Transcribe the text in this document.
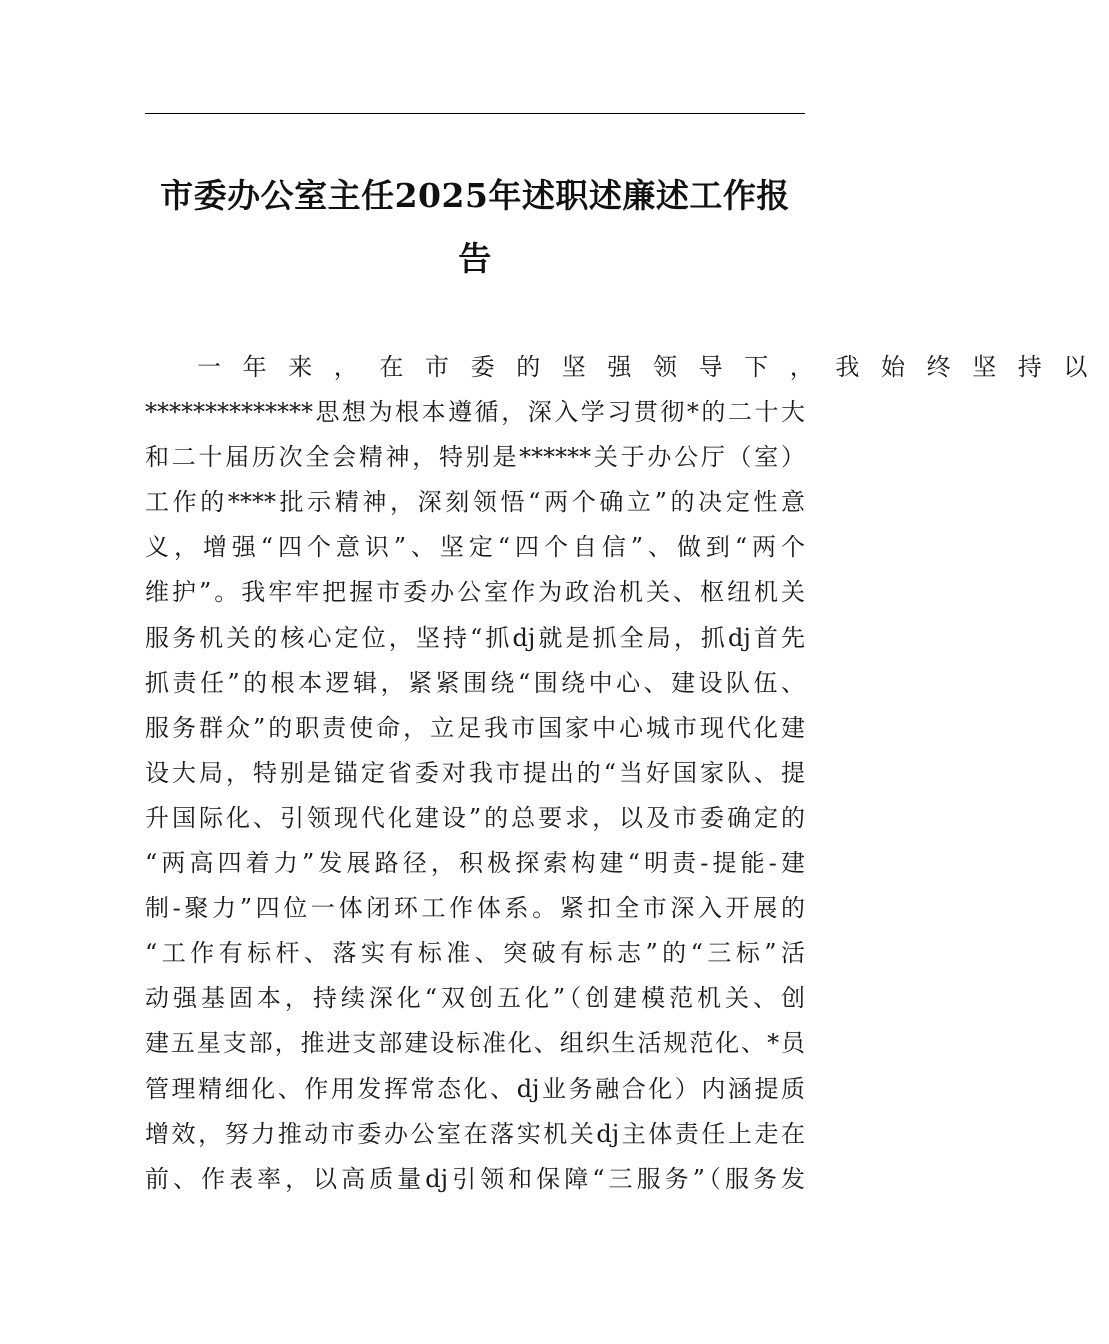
市委办公室主任2025年述职述廉述工作报
告
一年来，在市委的坚强领导下，我始终坚持以
**************思想为根本遵循，深入学习贯彻*的二十大
和二十届历次全会精神，特别是******关于办公厅（室）
工作的****批示精神，深刻领悟“两个确立”的决定性意
义，增强“四个意识”、坚定“四个自信”、做到“两个
维护”。我牢牢把握市委办公室作为政治机关、枢纽机关
服务机关的核心定位，坚持“抓dj就是抓全局，抓dj首先
抓责任”的根本逻辑，紧紧围绕“围绕中心、建设队伍、
服务群众”的职责使命，立足我市国家中心城市现代化建
设大局，特别是锚定省委对我市提出的“当好国家队、提
升国际化、引领现代化建设”的总要求，以及市委确定的
“两高四着力”发展路径，积极探索构建“明责-提能-建
制-聚力”四位一体闭环工作体系。紧扣全市深入开展的
“工作有标杆、落实有标准、突破有标志”的“三标”活
动强基固本，持续深化“双创五化”（创建模范机关、创
建五星支部，推进支部建设标准化、组织生活规范化、*员
管理精细化、作用发挥常态化、dj业务融合化）内涵提质
增效，努力推动市委办公室在落实机关dj主体责任上走在
前、作表率，以高质量dj引领和保障“三服务”（服务发
